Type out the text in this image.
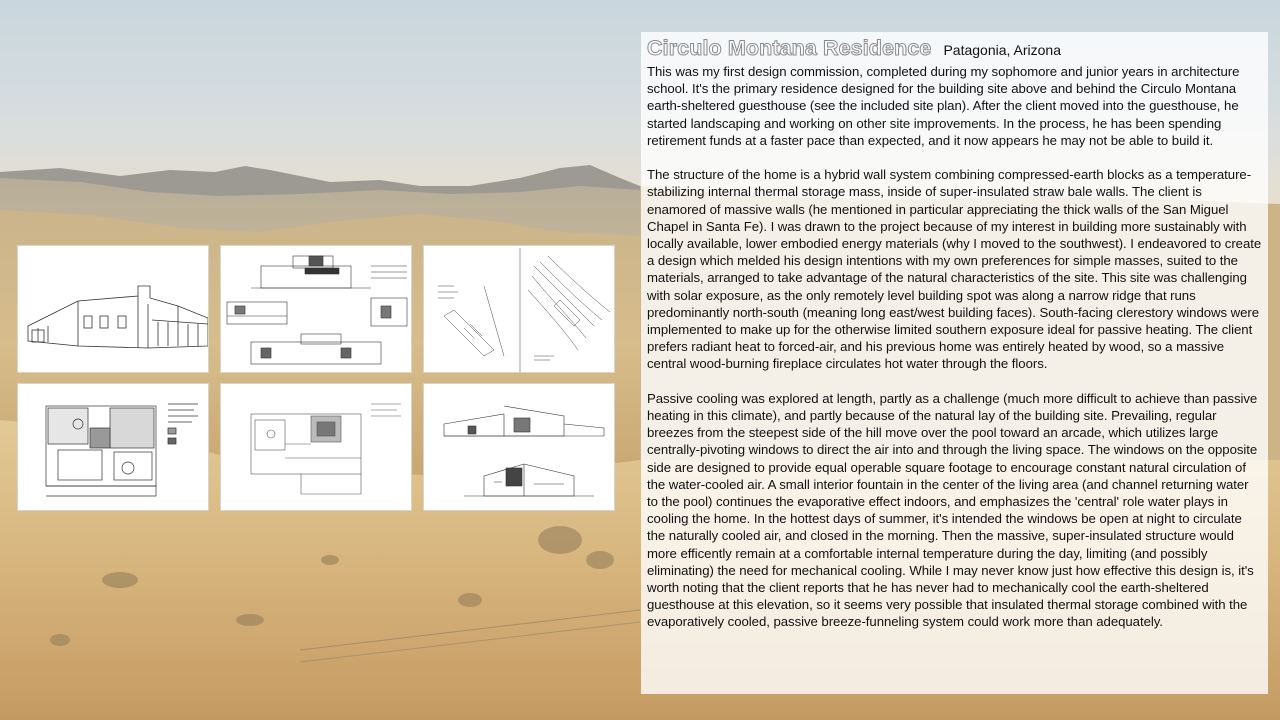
Circulo Montana Residence Patagonia, Arizona

This was my first design commission, completed during my sophomore and junior years in architecture school. It's the primary residence designed for the building site above and behind the Circulo Montana earth-sheltered guesthouse (see the included site plan). After the client moved into the guesthouse, he started landscaping and working on other site improvements. In the process, he has been spending retirement funds at a faster pace than expected, and it now appears he may not be able to build it.

The structure of the home is a hybrid wall system combining compressed-earth blocks as a temperature-stabilizing internal thermal storage mass, inside of super-insulated straw bale walls. The client is enamored of massive walls (he mentioned in particular appreciating the thick walls of the San Miguel Chapel in Santa Fe). I was drawn to the project because of my interest in building more sustainably with locally available, lower embodied energy materials (why I moved to the southwest). I endeavored to create a design which melded his design intentions with my own preferences for simple masses, suited to the materials, arranged to take advantage of the natural characteristics of the site. This site was challenging with solar exposure, as the only remotely level building spot was along a narrow ridge that runs predominantly north-south (meaning long east/west building faces). South-facing clerestory windows were implemented to make up for the otherwise limited southern exposure ideal for passive heating. The client prefers radiant heat to forced-air, and his previous home was entirely heated by wood, so a massive central wood-burning fireplace circulates hot water through the floors.

Passive cooling was explored at length, partly as a challenge (much more difficult to achieve than passive heating in this climate), and partly because of the natural lay of the building site. Prevailing, regular breezes from the steepest side of the hill move over the pool toward an arcade, which utilizes large centrally-pivoting windows to direct the air into and through the living space. The windows on the opposite side are designed to provide equal operable square footage to encourage constant natural circulation of the water-cooled air. A small interior fountain in the center of the living area (and channel returning water to the pool) continues the evaporative effect indoors, and emphasizes the 'central' role water plays in cooling the home. In the hottest days of summer, it's intended the windows be open at night to circulate the naturally cooled air, and closed in the morning. Then the massive, super-insulated structure would more efficently remain at a comfortable internal temperature during the day, limiting (and possibly eliminating) the need for mechanical cooling. While I may never know just how effective this design is, it's worth noting that the client reports that he has never had to mechanically cool the earth-sheltered guesthouse at this elevation, so it seems very possible that insulated thermal storage combined with the evaporatively cooled, passive breeze-funneling system could work more than adequately.
